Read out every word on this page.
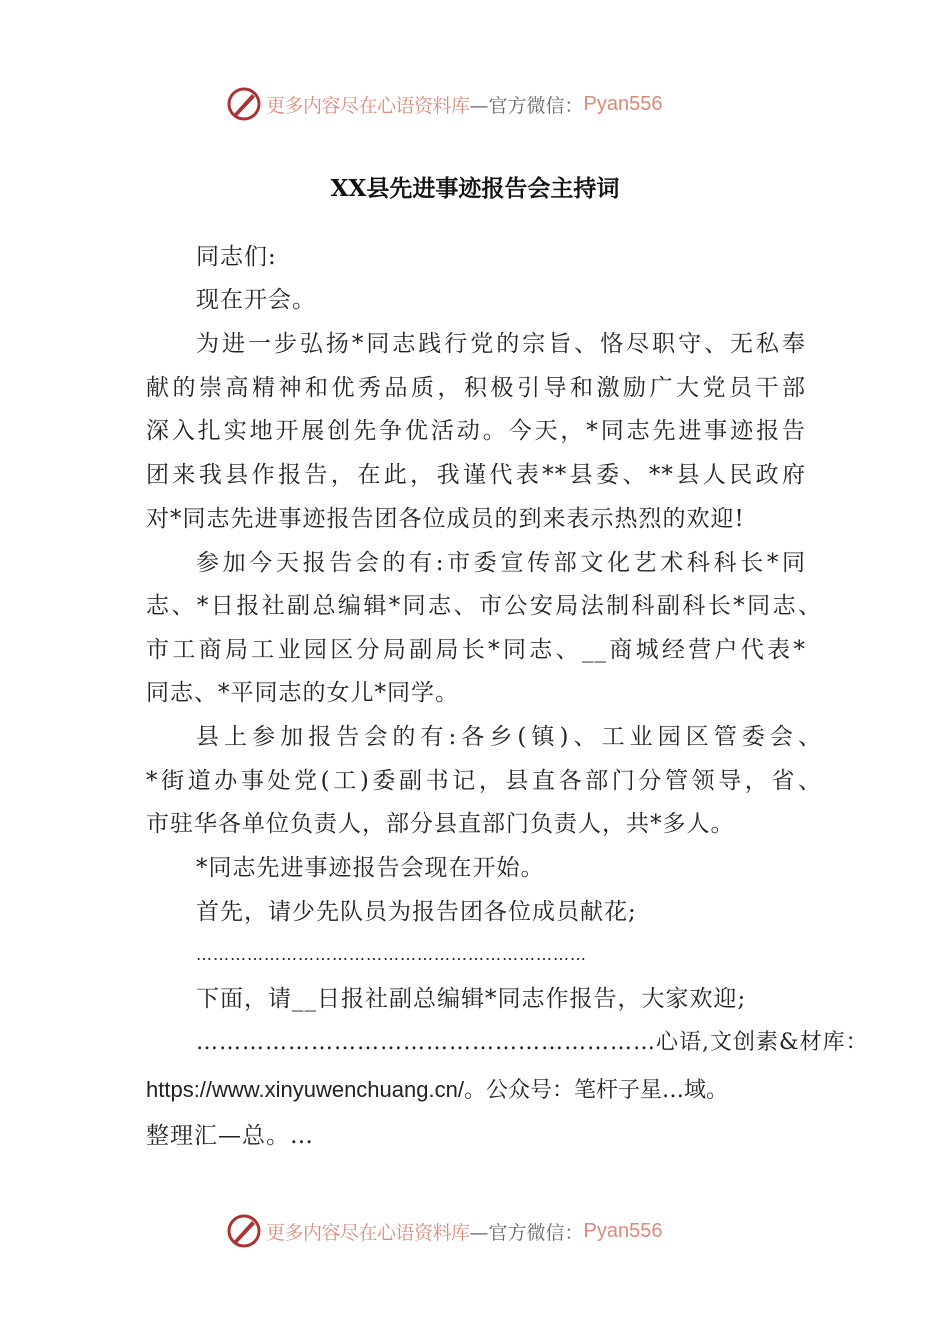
更多内容尽在心语资料库 —官方微信： Pyan556
XX县先进事迹报告会主持词
同志们:
现在开会。
为进一步弘扬*同志践行党的宗旨、恪尽职守、无私奉
献的崇高精神和优秀品质，积极引导和激励广大党员干部
深入扎实地开展创先争优活动。今天，*同志先进事迹报告
团来我县作报告，在此，我谨代表**县委、**县人民政府
对*同志先进事迹报告团各位成员的到来表示热烈的欢迎!
参加今天报告会的有:市委宣传部文化艺术科科长*同
志、*日报社副总编辑*同志、市公安局法制科副科长*同志、
市工商局工业园区分局副局长*同志、__商城经营户代表*
同志、*平同志的女儿*同学。
县上参加报告会的有:各乡(镇)、工业园区管委会、
*街道办事处党(工)委副书记，县直各部门分管领导，省、
市驻华各单位负责人，部分县直部门负责人，共*多人。
*同志先进事迹报告会现在开始。
首先，请少先队员为报告团各位成员献花;
……………………………………………………………
下面，请__日报社副总编辑*同志作报告，大家欢迎;
……………………………………………………心语,文创素&材库：
https://www.xinyuwenchuang.cn/。公众号：笔杆子星…域。
整理汇—总。…
更多内容尽在心语资料库 —官方微信： Pyan556
